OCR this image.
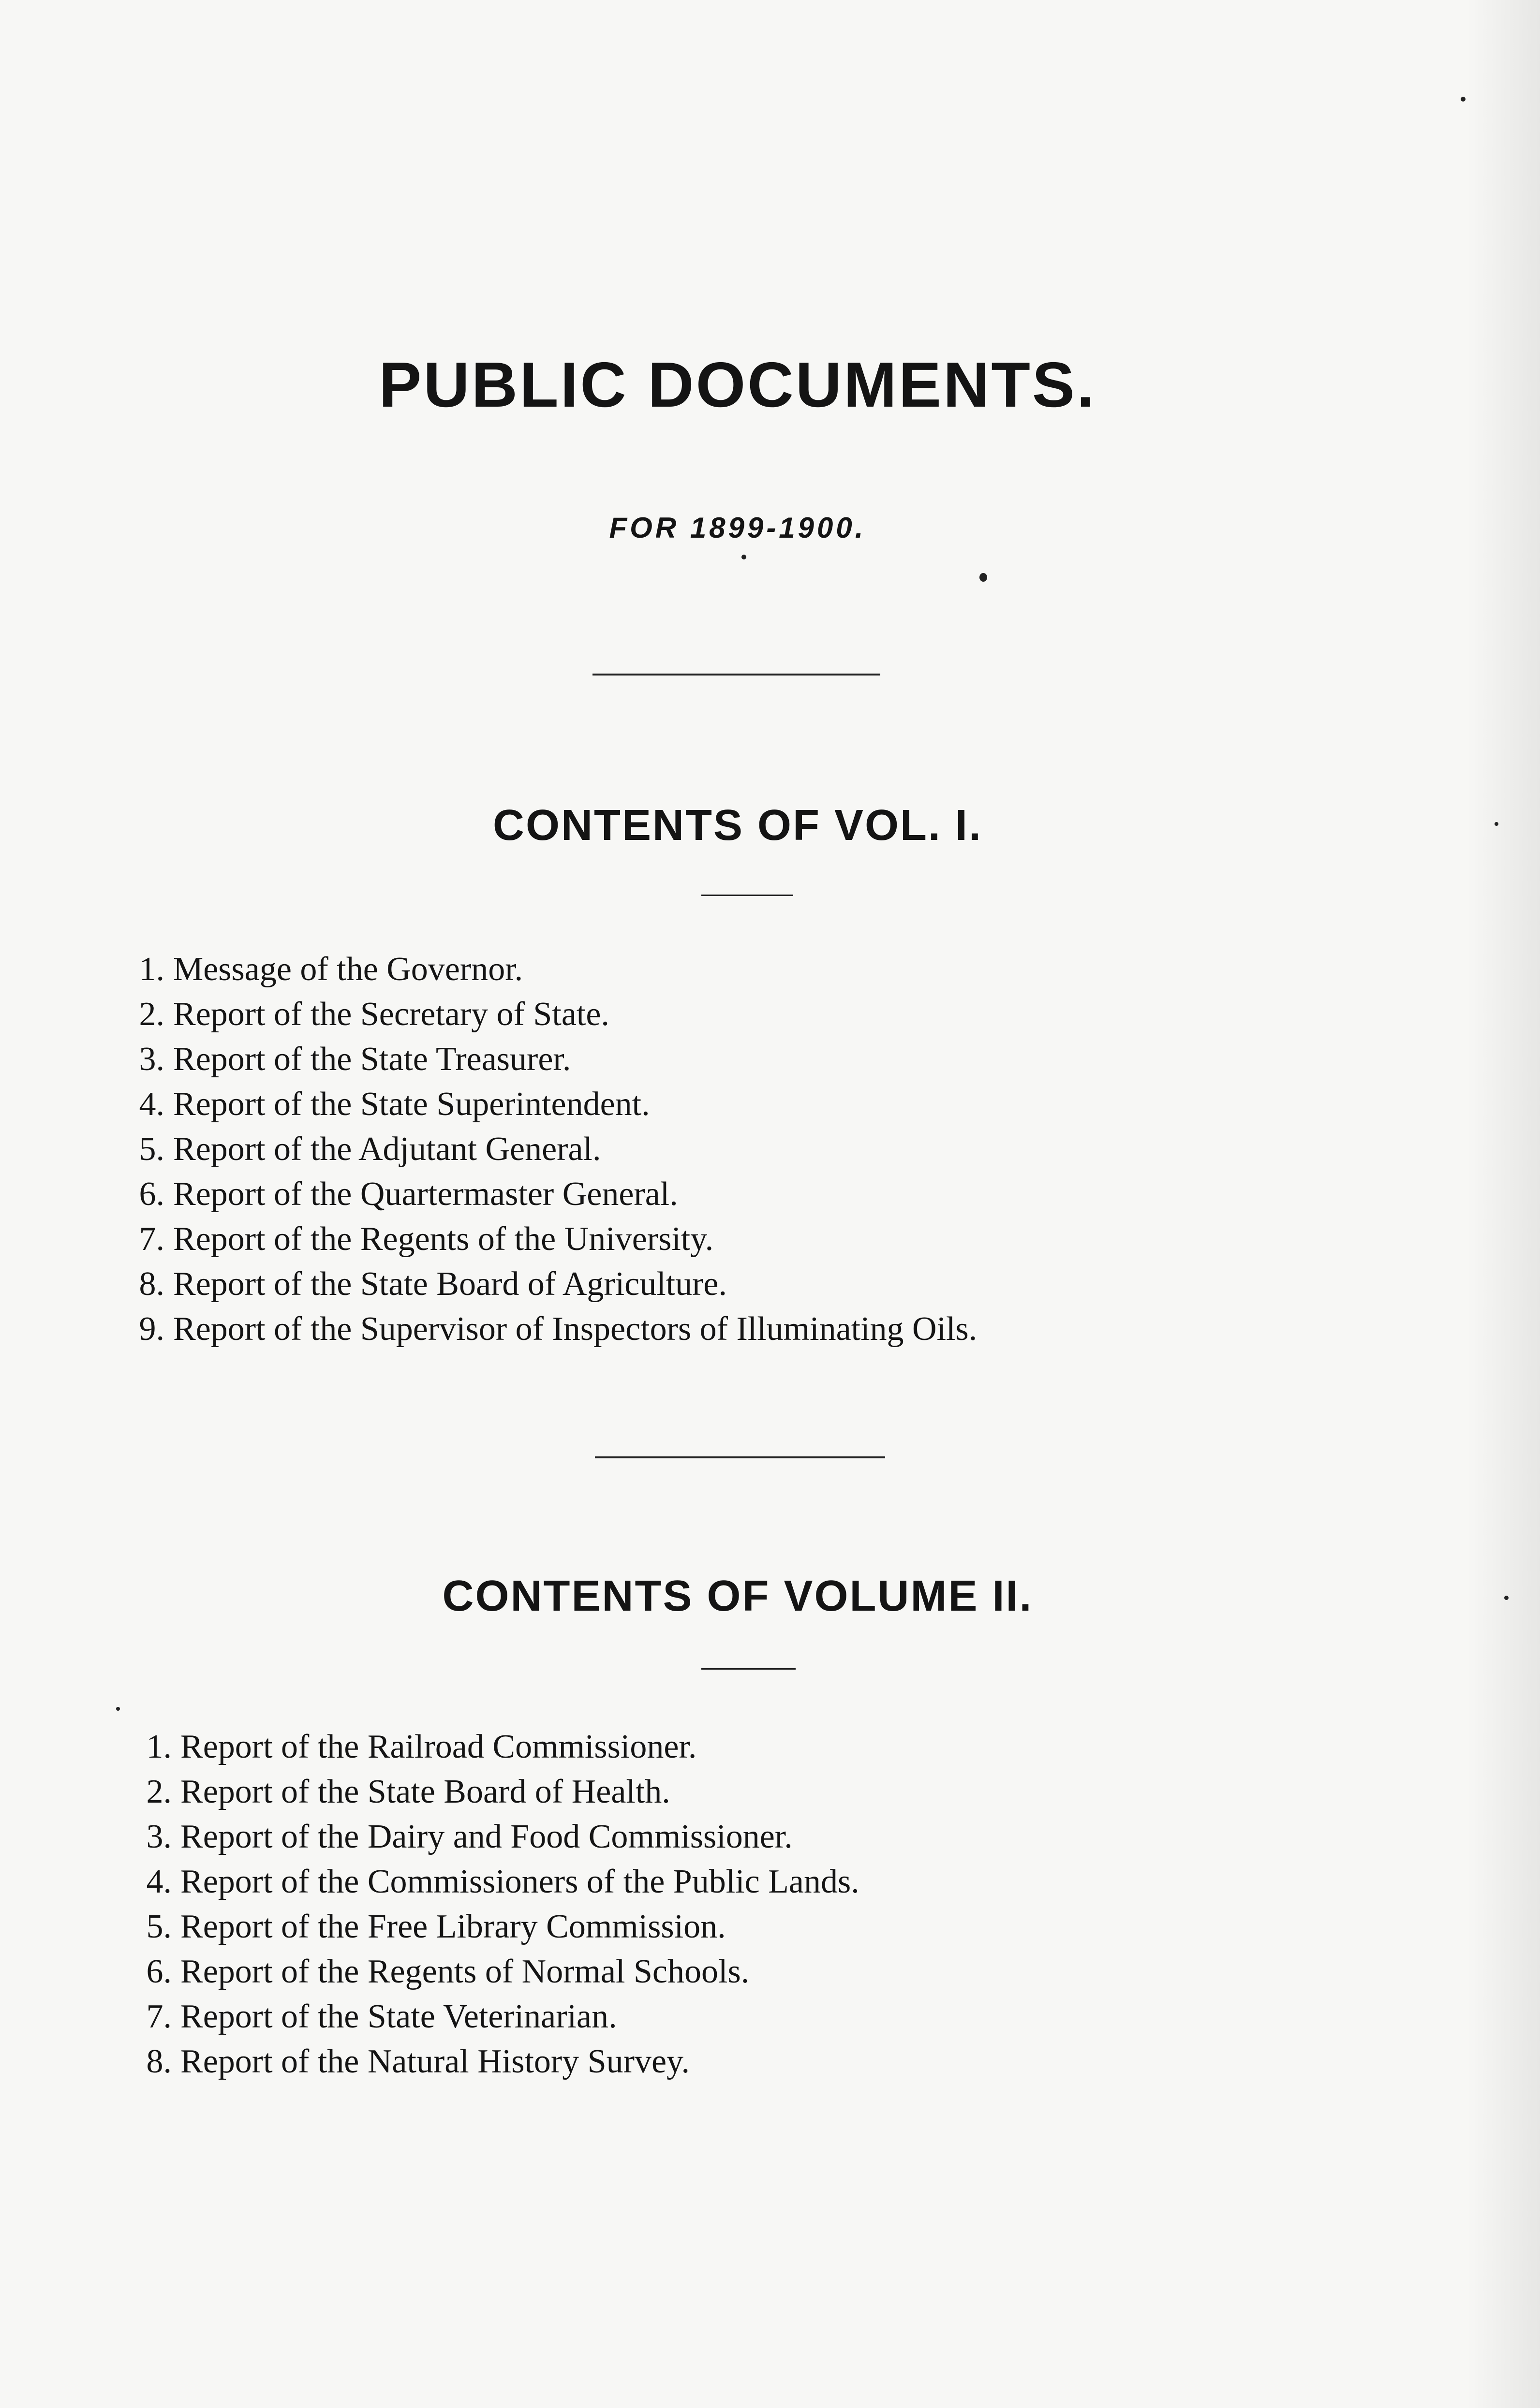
PUBLIC DOCUMENTS.
FOR 1899-1900.
CONTENTS OF VOL. I.
1. Message of the Governor.
2. Report of the Secretary of State.
3. Report of the State Treasurer.
4. Report of the State Superintendent.
5. Report of the Adjutant General.
6. Report of the Quartermaster General.
7. Report of the Regents of the University.
8. Report of the State Board of Agriculture.
9. Report of the Supervisor of Inspectors of Illuminating Oils.
CONTENTS OF VOLUME II.
1. Report of the Railroad Commissioner.
2. Report of the State Board of Health.
3. Report of the Dairy and Food Commissioner.
4. Report of the Commissioners of the Public Lands.
5. Report of the Free Library Commission.
6. Report of the Regents of Normal Schools.
7. Report of the State Veterinarian.
8. Report of the Natural History Survey.
